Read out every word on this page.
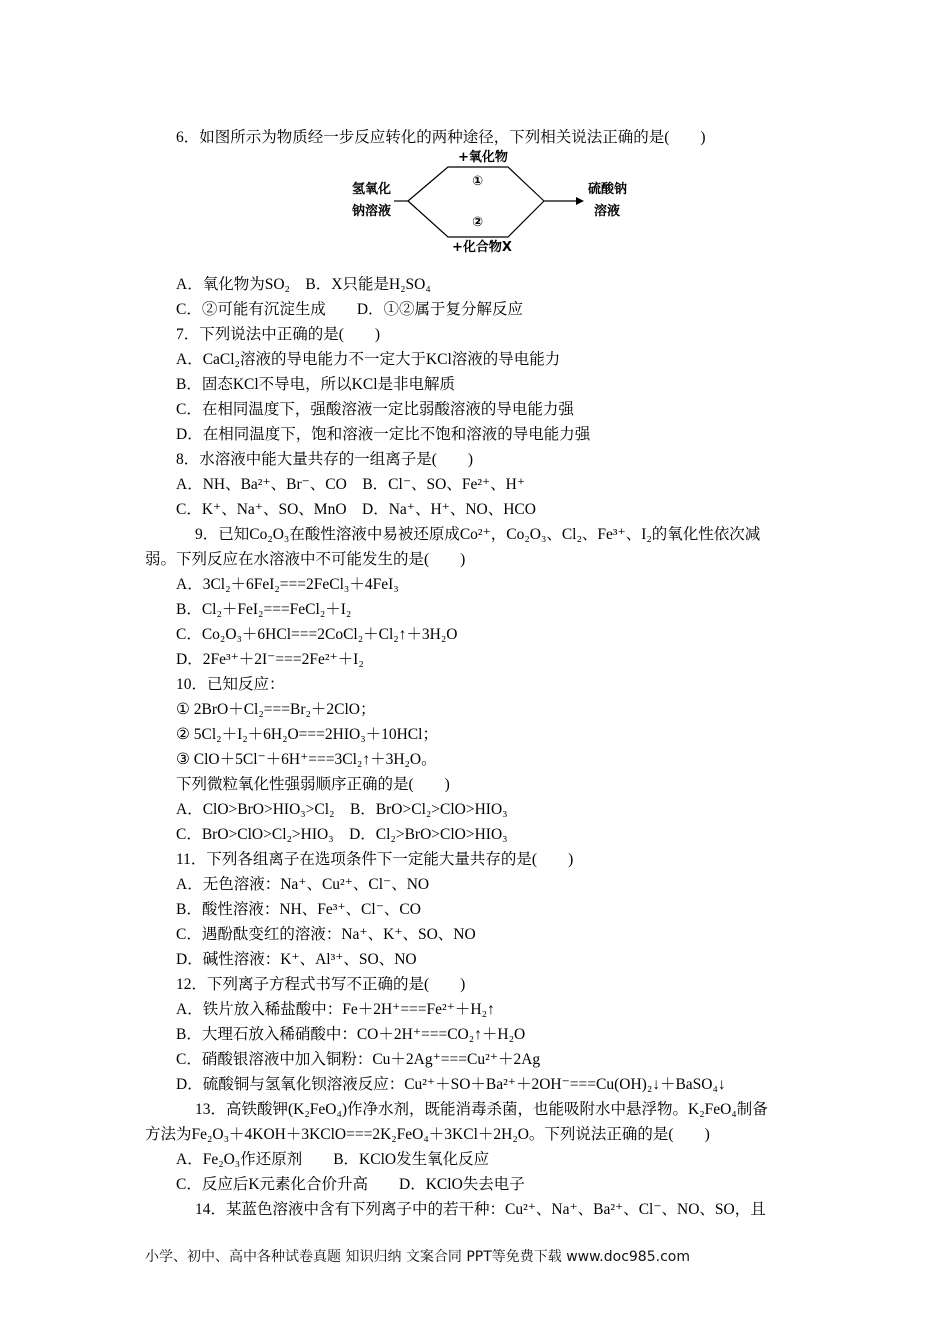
6．如图所示为物质经一步反应转化的两种途径，下列相关说法正确的是(　　)
氢氧化
钠溶液
+氧化物
①
②
+化合物X
硫酸钠
溶液
A．氧化物为SO₂　B．X只能是H₂SO₄
C．②可能有沉淀生成　　D．①②属于复分解反应
7．下列说法中正确的是(　　)
A．CaCl₂溶液的导电能力不一定大于KCl溶液的导电能力
B．固态KCl不导电，所以KCl是非电解质
C．在相同温度下，强酸溶液一定比弱酸溶液的导电能力强
D．在相同温度下，饱和溶液一定比不饱和溶液的导电能力强
8．水溶液中能大量共存的一组离子是(　　)
A．NH、Ba²⁺、Br⁻、CO　B．Cl⁻、SO、Fe²⁺、H⁺
C．K⁺、Na⁺、SO、MnO　D．Na⁺、H⁺、NO、HCO
9．已知Co₂O₃在酸性溶液中易被还原成Co²⁺，Co₂O₃、Cl₂、Fe³⁺、I₂的氧化性依次减
弱。下列反应在水溶液中不可能发生的是(　　)
A．3Cl₂＋6FeI₂===2FeCl₃＋4FeI₃
B．Cl₂＋FeI₂===FeCl₂＋I₂
C．Co₂O₃＋6HCl===2CoCl₂＋Cl₂↑＋3H₂O
D．2Fe³⁺＋2I⁻===2Fe²⁺＋I₂
10．已知反应：
① 2BrO＋Cl₂===Br₂＋2ClO；
② 5Cl₂＋I₂＋6H₂O===2HIO₃＋10HCl；
③ ClO＋5Cl⁻＋6H⁺===3Cl₂↑＋3H₂O。
下列微粒氧化性强弱顺序正确的是(　　)
A．ClO>BrO>HIO₃>Cl₂　B．BrO>Cl₂>ClO>HIO₃
C．BrO>ClO>Cl₂>HIO₃　D．Cl₂>BrO>ClO>HIO₃
11．下列各组离子在选项条件下一定能大量共存的是(　　)
A．无色溶液：Na⁺、Cu²⁺、Cl⁻、NO
B．酸性溶液：NH、Fe³⁺、Cl⁻、CO
C．遇酚酞变红的溶液：Na⁺、K⁺、SO、NO
D．碱性溶液：K⁺、Al³⁺、SO、NO
12．下列离子方程式书写不正确的是(　　)
A．铁片放入稀盐酸中：Fe＋2H⁺===Fe²⁺＋H₂↑
B．大理石放入稀硝酸中：CO＋2H⁺===CO₂↑＋H₂O
C．硝酸银溶液中加入铜粉：Cu＋2Ag⁺===Cu²⁺＋2Ag
D．硫酸铜与氢氧化钡溶液反应：Cu²⁺＋SO＋Ba²⁺＋2OH⁻===Cu(OH)₂↓＋BaSO₄↓
13．高铁酸钾(K₂FeO₄)作净水剂，既能消毒杀菌，也能吸附水中悬浮物。K₂FeO₄制备
方法为Fe₂O₃＋4KOH＋3KClO===2K₂FeO₄＋3KCl＋2H₂O。下列说法正确的是(　　)
A．Fe₂O₃作还原剂　　B．KClO发生氧化反应
C．反应后K元素化合价升高　　D．KClO失去电子
14．某蓝色溶液中含有下列离子中的若干种：Cu²⁺、Na⁺、Ba²⁺、Cl⁻、NO、SO，且
小学、初中、高中各种试卷真题 知识归纳 文案合同 PPT等免费下载 www.doc985.com
